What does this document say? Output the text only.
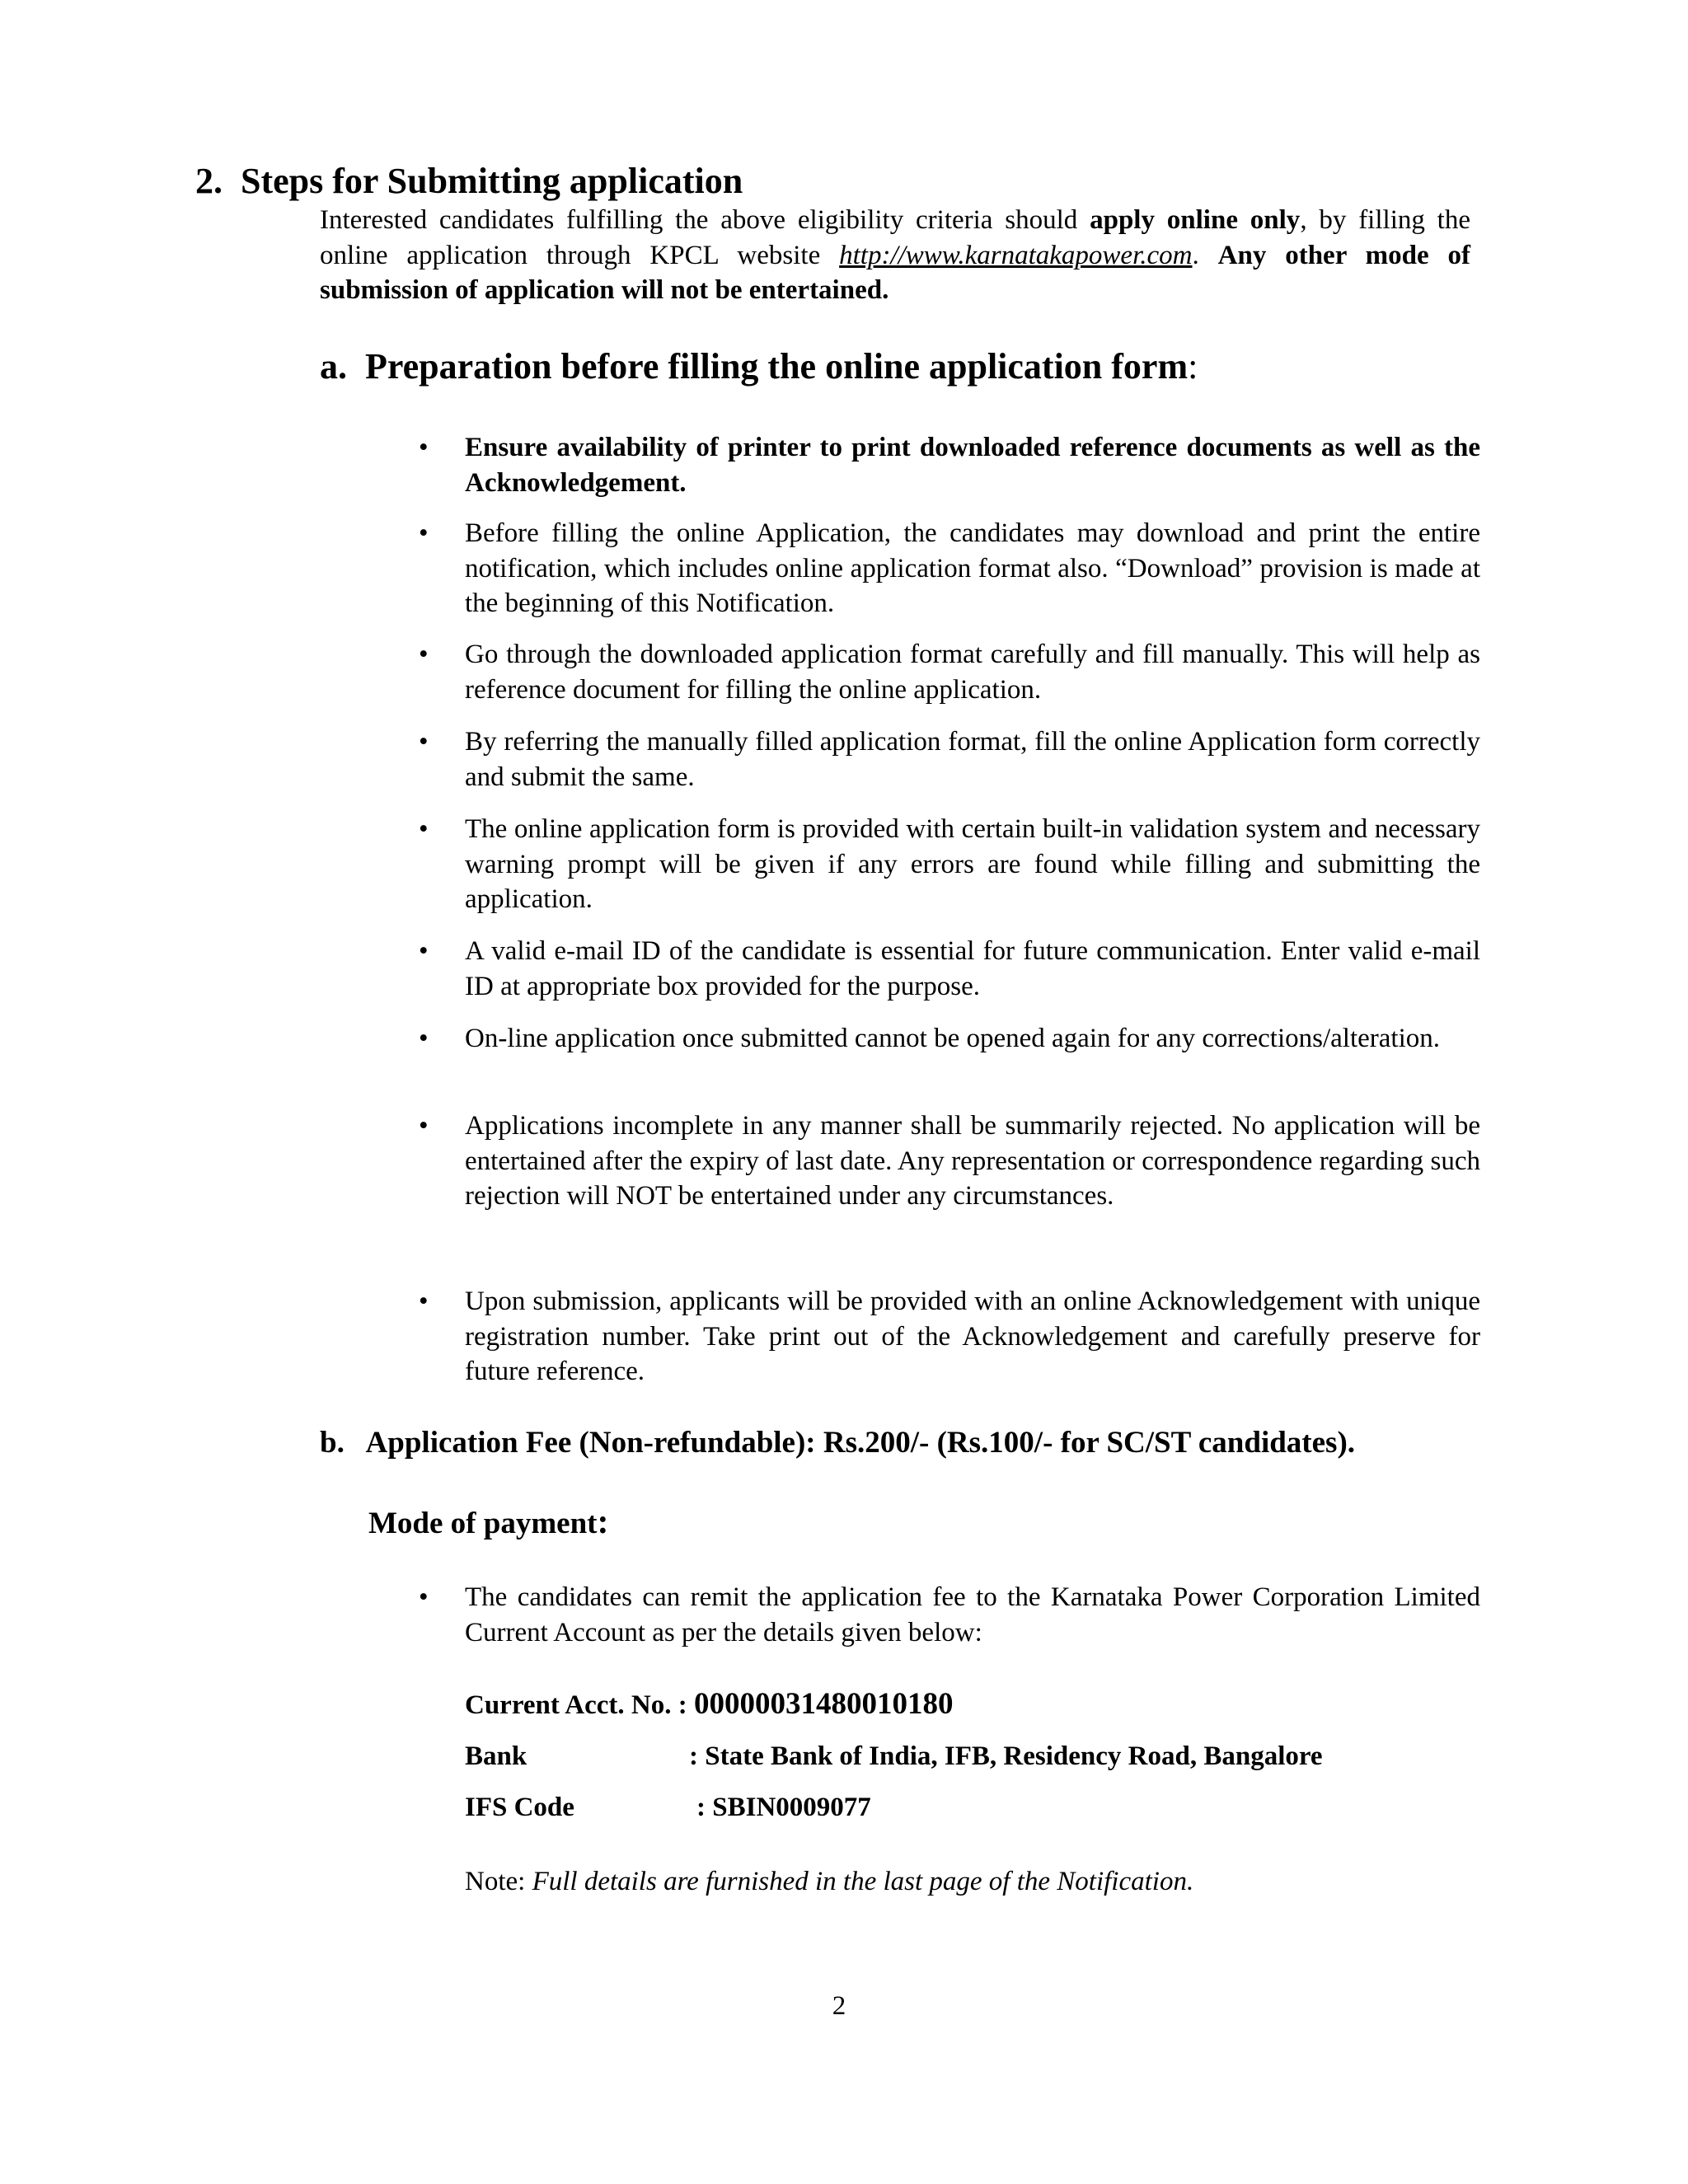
2. Steps for Submitting application
Interested candidates fulfilling the above eligibility criteria should apply online only, by filling the online application through KPCL website http://www.karnatakapower.com. Any other mode of submission of application will not be entertained.
a. Preparation before filling the online application form:
•	Ensure availability of printer to print downloaded reference documents as well as the Acknowledgement.
•	Before filling the online Application, the candidates may download and print the entire notification, which includes online application format also. “Download” provision is made at the beginning of this Notification.
•	Go through the downloaded application format carefully and fill manually. This will help as reference document for filling the online application.
•	By referring the manually filled application format, fill the online Application form correctly and submit the same.
•	The online application form is provided with certain built-in validation system and necessary warning prompt will be given if any errors are found while filling and submitting the application.
•	A valid e-mail ID of the candidate is essential for future communication. Enter valid e-mail ID at appropriate box provided for the purpose.
•	On-line application once submitted cannot be opened again for any corrections/alteration.
•	Applications incomplete in any manner shall be summarily rejected. No application will be entertained after the expiry of last date. Any representation or correspondence regarding such rejection will NOT be entertained under any circumstances.
•	Upon submission, applicants will be provided with an online Acknowledgement with unique registration number. Take print out of the Acknowledgement and carefully preserve for future reference.
b. Application Fee (Non-refundable): Rs.200/- (Rs.100/- for SC/ST candidates).
Mode of payment:
•	The candidates can remit the application fee to the Karnataka Power Corporation Limited Current Account as per the details given below:
Current Acct. No. : 00000031480010180
Bank	: State Bank of India, IFB, Residency Road, Bangalore
IFS Code	: SBIN0009077
Note: Full details are furnished in the last page of the Notification.
2
